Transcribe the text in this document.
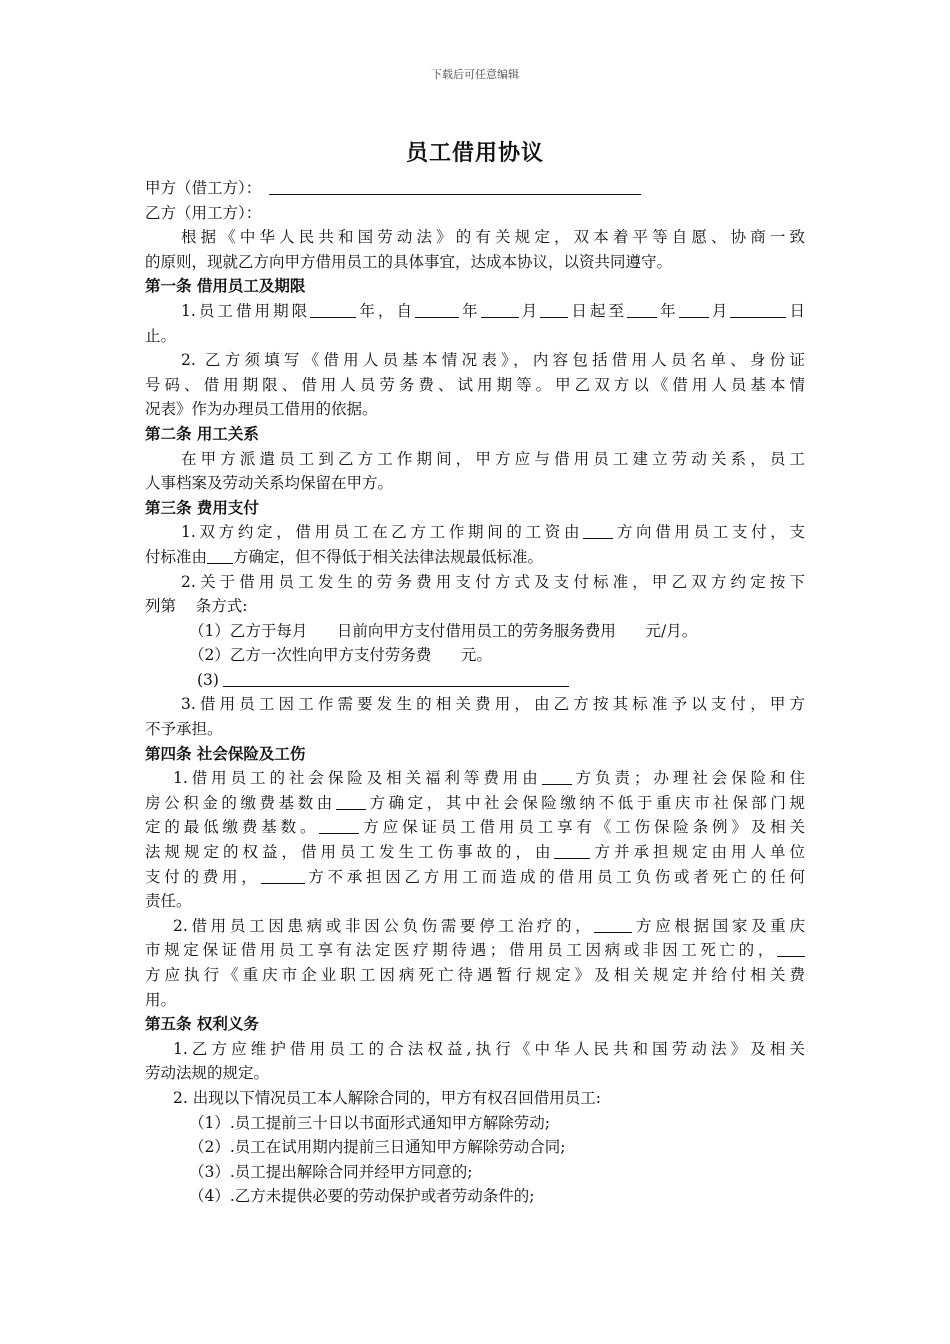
下载后可任意编辑
员工借用协议
甲方（借工方）：
乙方（用工方）：
根据《中华人民共和国劳动法》的有关规定，双本着平等自愿、协商一致
的原则，现就乙方向甲方借用员工的具体事宜，达成本协议，以资共同遵守。
第一条 借用员工及期限
1.员工借用期限	年，自	年 月 日起至 年 月	日
止。
2. 乙方须填写《借用人员基本情况表》，内容包括借用人员名单、身份证
号码、借用期限、借用人员劳务费、试用期等。甲乙双方以《借用人员基本情
况表》作为办理员工借用的依据。
第二条 用工关系
在甲方派遣员工到乙方工作期间，甲方应与借用员工建立劳动关系，员工
人事档案及劳动关系均保留在甲方。
第三条 费用支付
1.双方约定，借用员工在乙方工作期间的工资由 方向借用员工支付，支
付标准由 方确定，但不得低于相关法律法规最低标准。
2.关于借用员工发生的劳务费用支付方式及支付标准，甲乙双方约定按下
列第    条方式:
（1）乙方于每月      日前向甲方支付借用员工的劳务服务费用      元/月。
（2）乙方一次性向甲方支付劳务费      元。
(3)
3.借用员工因工作需要发生的相关费用，由乙方按其标准予以支付，甲方
不予承担。
第四条 社会保险及工伤
1.借用员工的社会保险及相关福利等费用由 方负责；办理社会保险和住
房公积金的缴费基数由 方确定，其中社会保险缴纳不低于重庆市社保部门规
定的最低缴费基数。	方应保证员工借用员工享有《工伤保险条例》及相关
法规规定的权益，借用员工发生工伤事故的，由 方并承担规定由用人单位
支付的费用，	方不承担因乙方用工而造成的借用员工负伤或者死亡的任何
责任。
2.借用员工因患病或非因公负伤需要停工治疗的， 方应根据国家及重庆
市规定保证借用员工享有法定医疗期待遇；借用员工因病或非因工死亡的，
方应执行《重庆市企业职工因病死亡待遇暂行规定》及相关规定并给付相关费
用。
第五条 权利义务
1.乙方应维护借用员工的合法权益,执行《中华人民共和国劳动法》及相关
劳动法规的规定。
2. 出现以下情况员工本人解除合同的，甲方有权召回借用员工:
（1）.员工提前三十日以书面形式通知甲方解除劳动;
（2）.员工在试用期内提前三日通知甲方解除劳动合同;
（3）.员工提出解除合同并经甲方同意的;
（4）.乙方未提供必要的劳动保护或者劳动条件的;
